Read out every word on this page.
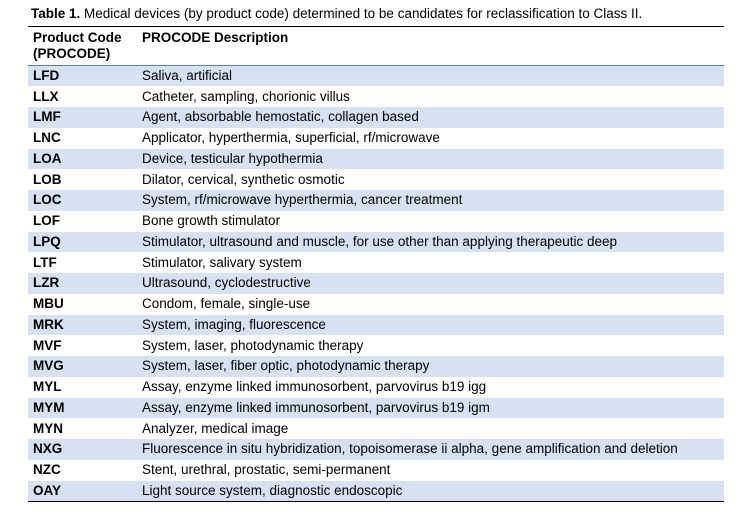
Table 1. Medical devices (by product code) determined to be candidates for reclassification to Class II.
Product Code
(PROCODE)	PROCODE Description
LFD	Saliva, artificial
LLX	Catheter, sampling, chorionic villus
LMF	Agent, absorbable hemostatic, collagen based
LNC	Applicator, hyperthermia, superficial, rf/microwave
LOA	Device, testicular hypothermia
LOB	Dilator, cervical, synthetic osmotic
LOC	System, rf/microwave hyperthermia, cancer treatment
LOF	Bone growth stimulator
LPQ	Stimulator, ultrasound and muscle, for use other than applying therapeutic deep
LTF	Stimulator, salivary system
LZR	Ultrasound, cyclodestructive
MBU	Condom, female, single-use
MRK	System, imaging, fluorescence
MVF	System, laser, photodynamic therapy
MVG	System, laser, fiber optic, photodynamic therapy
MYL	Assay, enzyme linked immunosorbent, parvovirus b19 igg
MYM	Assay, enzyme linked immunosorbent, parvovirus b19 igm
MYN	Analyzer, medical image
NXG	Fluorescence in situ hybridization, topoisomerase ii alpha, gene amplification and deletion
NZC	Stent, urethral, prostatic, semi-permanent
OAY	Light source system, diagnostic endoscopic
